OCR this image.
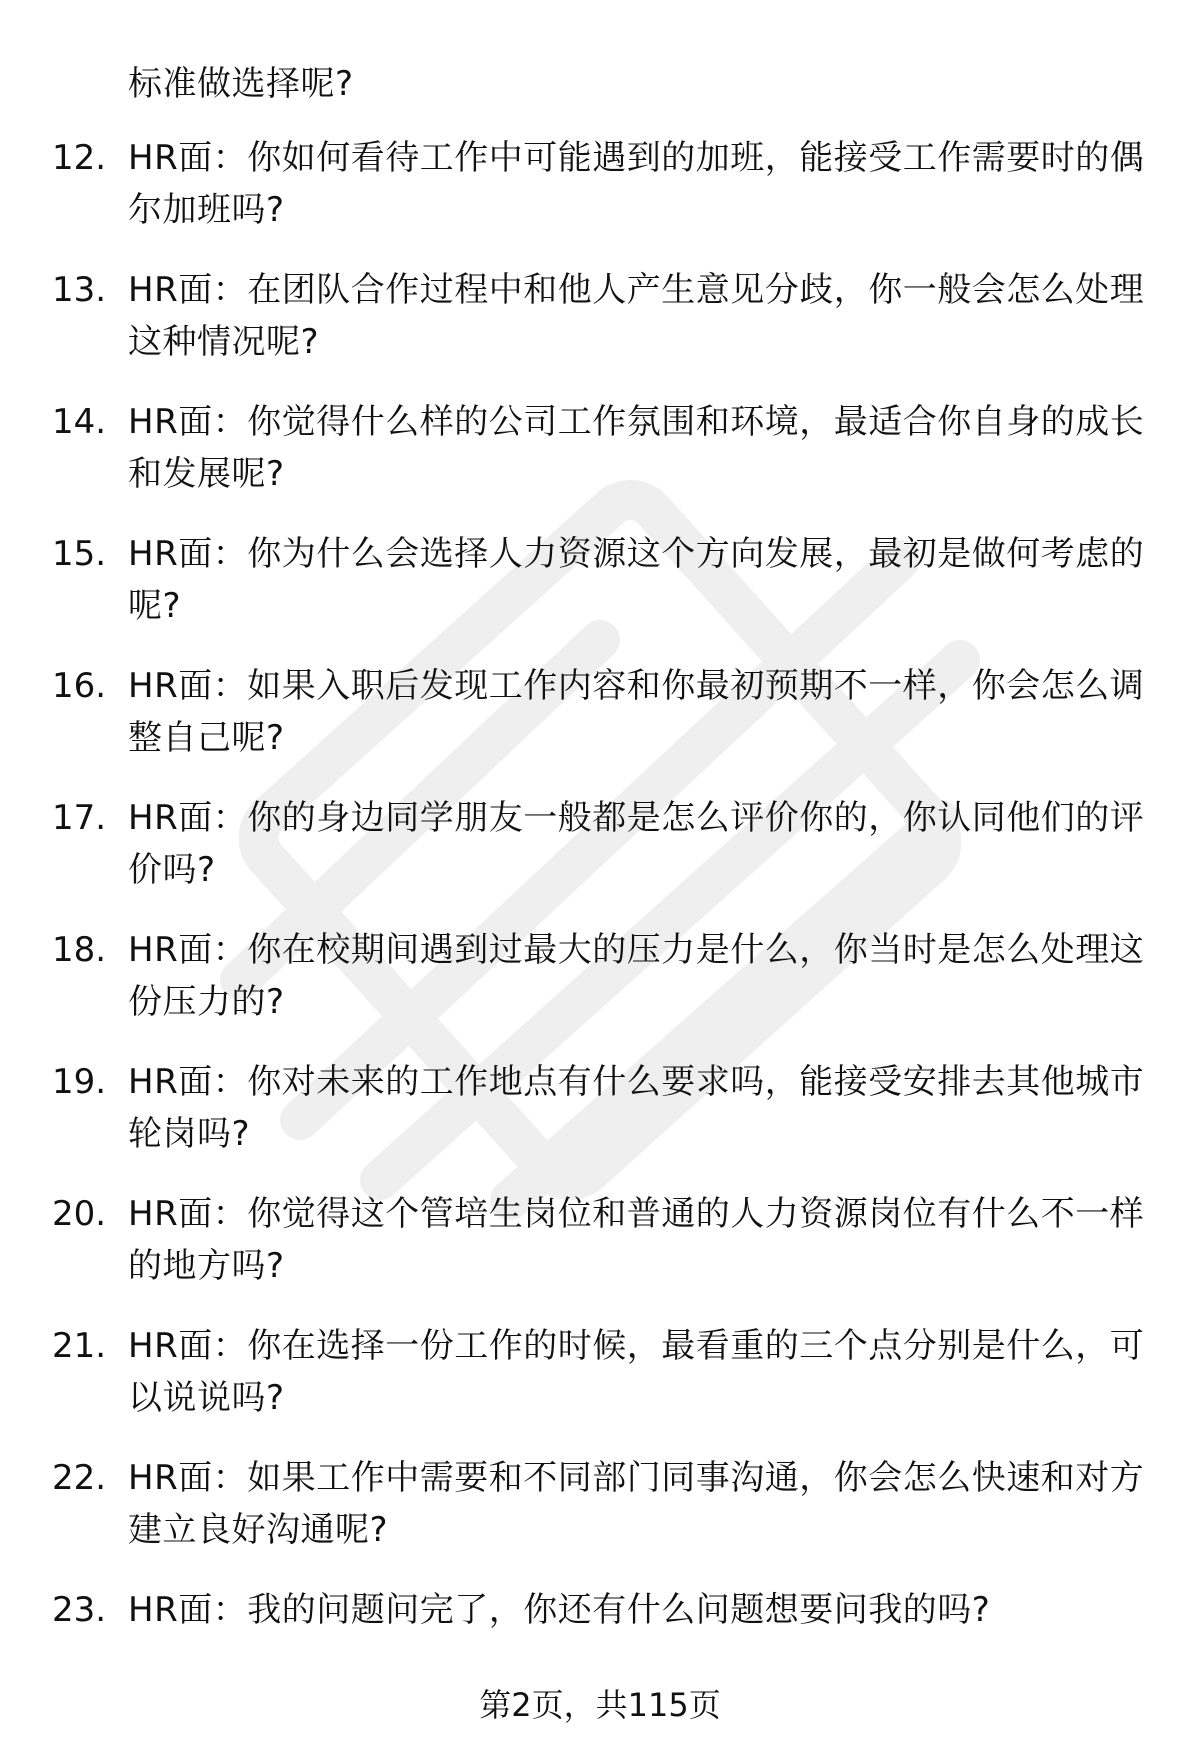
标准做选择呢?
12. HR面：你如何看待工作中可能遇到的加班，能接受工作需要时的偶尔加班吗?
13. HR面：在团队合作过程中和他人产生意见分歧，你一般会怎么处理这种情况呢?
14. HR面：你觉得什么样的公司工作氛围和环境，最适合你自身的成长和发展呢?
15. HR面：你为什么会选择人力资源这个方向发展，最初是做何考虑的呢?
16. HR面：如果入职后发现工作内容和你最初预期不一样，你会怎么调整自己呢?
17. HR面：你的身边同学朋友一般都是怎么评价你的，你认同他们的评价吗?
18. HR面：你在校期间遇到过最大的压力是什么，你当时是怎么处理这份压力的?
19. HR面：你对未来的工作地点有什么要求吗，能接受安排去其他城市轮岗吗?
20. HR面：你觉得这个管培生岗位和普通的人力资源岗位有什么不一样的地方吗?
21. HR面：你在选择一份工作的时候，最看重的三个点分别是什么，可以说说吗?
22. HR面：如果工作中需要和不同部门同事沟通，你会怎么快速和对方建立良好沟通呢?
23. HR面：我的问题问完了，你还有什么问题想要问我的吗?
第2页，共115页
